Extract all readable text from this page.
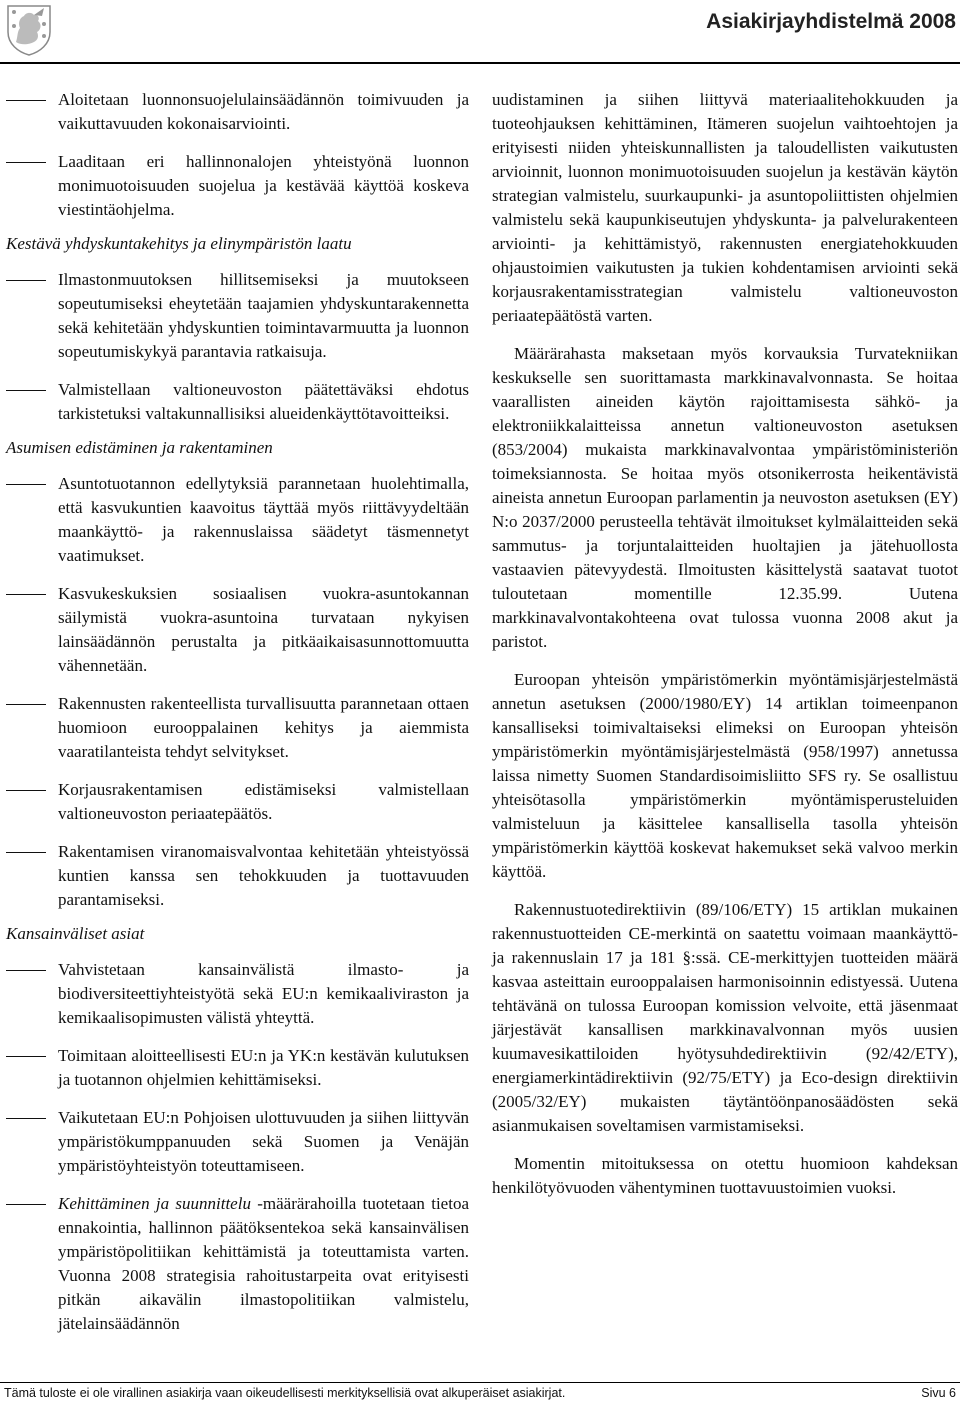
Asiakirjayhdistelmä 2008
Aloitetaan luonnonsuojelulainsäädännön toimivuuden ja vaikuttavuuden kokonaisarviointi.
Laaditaan eri hallinnonalojen yhteistyönä luonnon monimuotoisuuden suojelua ja kestävää käyttöä koskeva viestintäohjelma.
Kestävä yhdyskuntakehitys ja elinympäristön laatu
Ilmastonmuutoksen hillitsemiseksi ja muutokseen sopeutumiseksi eheytetään taajamien yhdyskuntarakennetta sekä kehitetään yhdyskuntien toimintavarmuutta ja luonnon sopeutumiskykyä parantavia ratkaisuja.
Valmistellaan valtioneuvoston päätettäväksi ehdotus tarkistetuksi valtakunnallisiksi alueidenkäyttötavoitteiksi.
Asumisen edistäminen ja rakentaminen
Asuntotuotannon edellytyksiä parannetaan huolehtimalla, että kasvukuntien kaavoitus täyttää myös riittävyydeltään maankäyttö- ja rakennuslaissa säädetyt täsmennetyt vaatimukset.
Kasvukeskuksien sosiaalisen vuokra-asuntokannan säilymistä vuokra-asuntoina turvataan nykyisen lainsäädännön perustalta ja pitkäaikaisasunnottomuutta vähennetään.
Rakennusten rakenteellista turvallisuutta parannetaan ottaen huomioon eurooppalainen kehitys ja aiemmista vaaratilanteista tehdyt selvitykset.
Korjausrakentamisen edistämiseksi valmistellaan valtioneuvoston periaatepäätös.
Rakentamisen viranomaisvalvontaa kehitetään yhteistyössä kuntien kanssa sen tehokkuuden ja tuottavuuden parantamiseksi.
Kansainväliset asiat
Vahvistetaan kansainvälistä ilmasto- ja biodiversiteettiyhteistyötä sekä EU:n kemikaaliviraston ja kemikaalisopimusten välistä yhteyttä.
Toimitaan aloitteellisesti EU:n ja YK:n kestävän kulutuksen ja tuotannon ohjelmien kehittämiseksi.
Vaikutetaan EU:n Pohjoisen ulottuvuuden ja siihen liittyvän ympäristökumppanuuden sekä Suomen ja Venäjän ympäristöyhteistyön toteuttamiseen.
Kehittäminen ja suunnittelu -määrärahoilla tuotetaan tietoa ennakointia, hallinnon päätöksentekoa sekä kansainvälisen ympäristöpolitiikan kehittämistä ja toteuttamista varten. Vuonna 2008 strategisia rahoitustarpeita ovat erityisesti pitkän aikavälin ilmastopolitiikan valmistelu, jätelainsäädännön

uudistaminen ja siihen liittyvä materiaalitehokkuuden ja tuoteohjauksen kehittäminen, Itämeren suojelun vaihtoehtojen ja erityisesti niiden yhteiskunnallisten ja taloudellisten vaikutusten arvioinnit, luonnon monimuotoisuuden suojelun ja kestävän käytön strategian valmistelu, suurkaupunki- ja asuntopoliittisten ohjelmien valmistelu sekä kaupunkiseutujen yhdyskunta- ja palvelurakenteen arviointi- ja kehittämistyö, rakennusten energiatehokkuuden ohjaustoimien vaikutusten ja tukien kohdentamisen arviointi sekä korjausrakentamisstrategian valmistelu valtioneuvoston periaatepäätöstä varten.

Määrärahasta maksetaan myös korvauksia Turvatekniikan keskukselle sen suorittamasta markkinavalvonnasta. Se hoitaa vaarallisten aineiden käytön rajoittamisesta sähkö- ja elektroniikkalaitteissa annetun valtioneuvoston asetuksen (853/2004) mukaista markkinavalvontaa ympäristöministeriön toimeksiannosta. Se hoitaa myös otsonikerrosta heikentävistä aineista annetun Euroopan parlamentin ja neuvoston asetuksen (EY) N:o 2037/2000 perusteella tehtävät ilmoitukset kylmälaitteiden sekä sammutus- ja torjuntalaitteiden huoltajien ja jätehuollosta vastaavien pätevyydestä. Ilmoitusten käsittelystä saatavat tuotot tuloutetaan momentille 12.35.99. Uutena markkinavalvontakohteena ovat tulossa vuonna 2008 akut ja paristot.

Euroopan yhteisön ympäristömerkin myöntämisjärjestelmästä annetun asetuksen (2000/1980/EY) 14 artiklan toimeenpanon kansalliseksi toimivaltaiseksi elimeksi on Euroopan yhteisön ympäristömerkin myöntämisjärjestelmästä (958/1997) annetussa laissa nimetty Suomen Standardisoimisliitto SFS ry. Se osallistuu yhteisötasolla ympäristömerkin myöntämisperusteluiden valmisteluun ja käsittelee kansallisella tasolla yhteisön ympäristömerkin käyttöä koskevat hakemukset sekä valvoo merkin käyttöä.

Rakennustuotedirektiivin (89/106/ETY) 15 artiklan mukainen rakennustuotteiden CE-merkintä on saatettu voimaan maankäyttö- ja rakennuslain 17 ja 181 §:ssä. CE-merkittyjen tuotteiden määrä kasvaa asteittain eurooppalaisen harmonisoinnin edistyessä. Uutena tehtävänä on tulossa Euroopan komission velvoite, että jäsenmaat järjestävät kansallisen markkinavalvonnan myös uusien kuumavesikattiloiden hyötysuhdedirektiivin (92/42/ETY), energiamerkintädirektiivin (92/75/ETY) ja Eco-design direktiivin (2005/32/EY) mukaisten täytäntöönpanosäädösten sekä asianmukaisen soveltamisen varmistamiseksi.

Momentin mitoituksessa on otettu huomioon kahdeksan henkilötyövuoden vähentyminen tuottavuustoimien vuoksi.

Tämä tuloste ei ole virallinen asiakirja vaan oikeudellisesti merkityksellisiä ovat alkuperäiset asiakirjat.	Sivu 6
